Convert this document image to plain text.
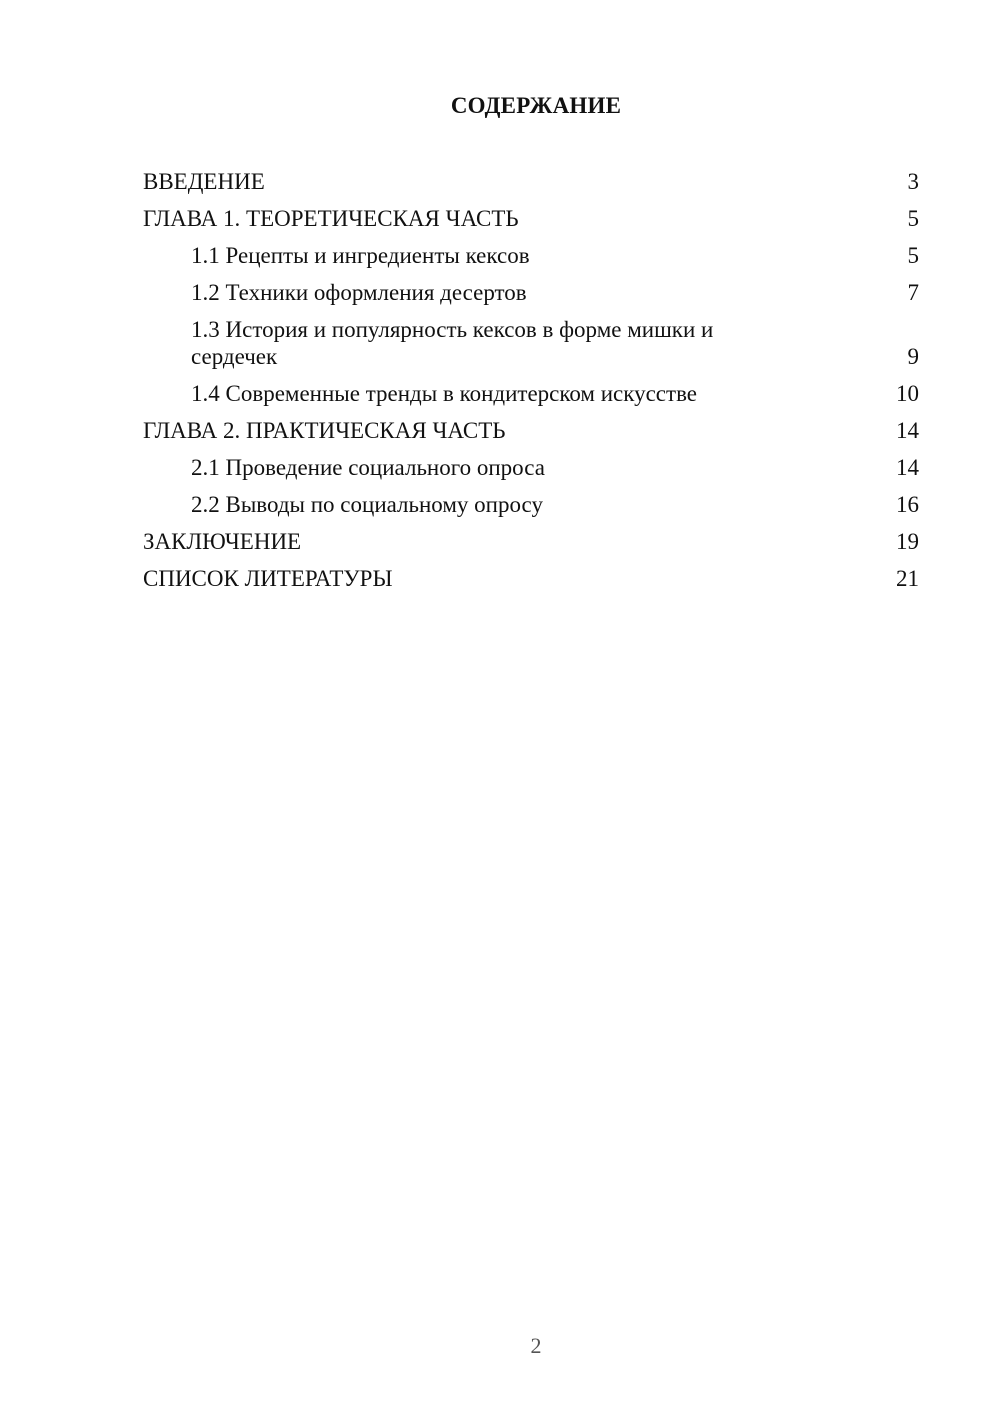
СОДЕРЖАНИЕ
ВВЕДЕНИЕ	3
ГЛАВА 1. ТЕОРЕТИЧЕСКАЯ ЧАСТЬ	5
1.1 Рецепты и ингредиенты кексов	5
1.2 Техники оформления десертов	7
1.3 История и популярность кексов в форме мишки и сердечек	9
1.4 Современные тренды в кондитерском искусстве	10
ГЛАВА 2. ПРАКТИЧЕСКАЯ ЧАСТЬ	14
2.1 Проведение социального опроса	14
2.2 Выводы по социальному опросу	16
ЗАКЛЮЧЕНИЕ	19
СПИСОК ЛИТЕРАТУРЫ	21
2
